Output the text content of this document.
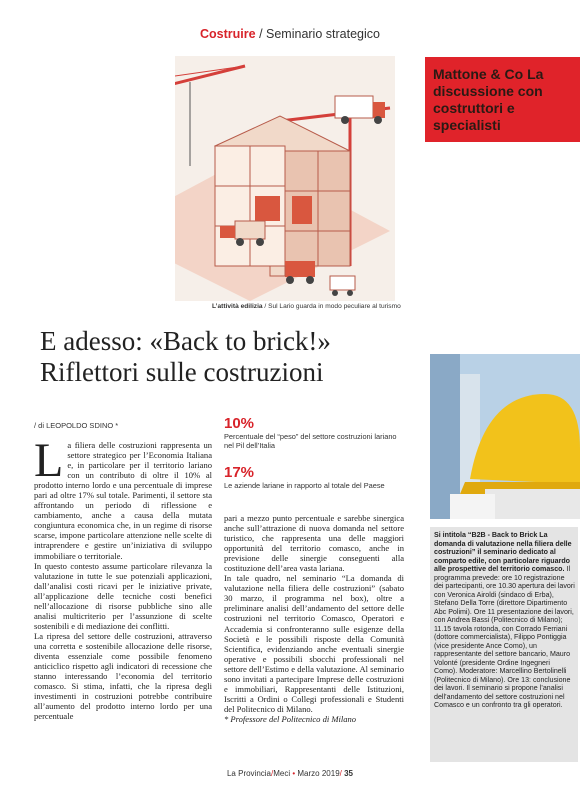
Costruire / Seminario strategico
L’attività edilizia / Sul Lario guarda in modo peculiare al turismo
Mattone & Co La discussione con costruttori e specialisti
Si intitola “B2B - Back to Brick La domanda di valutazione nella filiera delle costruzioni” il seminario dedicato al comparto edile, con particolare riguardo alle prospettive del territorio comasco. Il programma prevede: ore 10 registrazione dei partecipanti, ore 10.30 apertura dei lavori con Veronica Airoldi (sindaco di Erba), Stefano Della Torre (direttore Dipartimento Abc Polimi). Ore 11 presentazione dei lavori, con Andrea Bassi (Politecnico di Milano); 11.15 tavola rotonda, con Corrado Ferriani (dottore commercialista), Filippo Pontiggia (vice presidente Ance Como), un rappresentante del settore bancario, Mauro Volonté (presidente Ordine Ingegneri Como). Moderatore: Marcellino Bertolinelli (Politecnico di Milano). Ore 13: conclusione dei lavori. Il seminario si propone l’analisi dell’andamento del settore costruzioni nel Comasco e un confronto tra gli operatori.
E adesso: «Back to brick!»
Riflettori sulle costruzioni
/ di LEOPOLDO SDINO *	10%
Percentuale del “peso” del settore costruzioni lariano nel Pil dell’Italia
17%
Le aziende lariane in rapporto al totale del Paese

La filiera delle costruzioni rappresenta un settore strategico per l’Economia Italiana e, in particolare per il territorio lariano con un contributo di oltre il 10% al prodotto interno lordo e una percentuale di imprese pari ad oltre 17% sul totale. Parimenti, il settore sta affrontando un periodo di riflessione e cambiamento, anche a causa della mutata congiuntura economica che, in un regime di risorse scarse, impone particolare attenzione nelle scelte di intraprendere e gestire un’iniziativa di sviluppo immobiliare o territoriale.

In questo contesto assume particolare rilevanza la valutazione in tutte le sue potenziali applicazioni, dall’analisi costi ricavi per le iniziative private, all’applicazione delle tecniche costi benefici nell’allocazione di risorse pubbliche sino alle analisi multicriterio per l’assunzione di scelte sostenibili e di mediazione dei conflitti.

La ripresa del settore delle costruzioni, attraverso una corretta e sostenibile allocazione delle risorse, diventa essenziale come possibile fenomeno anticiclico rispetto agli indicatori di recessione che stanno interessando l’economia del territorio comasco. Si stima, infatti, che la ripresa degli investimenti in costruzioni potrebbe contribuire all’aumento del prodotto interno lordo per una percentuale

pari a mezzo punto percentuale e sarebbe sinergica anche sull’attrazione di nuova domanda nel settore turistico, che rappresenta una delle maggiori opportunità del territorio comasco, anche in previsione delle sinergie conseguenti alla costituzione dell’area vasta lariana.

In tale quadro, nel seminario “La domanda di valutazione nella filiera delle costruzioni” (sabato 30 marzo, il programma nel box), oltre a preliminare analisi dell’andamento del settore delle costruzioni nel territorio Comasco, Operatori e Accademia si confronteranno sulle esigenze della Società e le possibili risposte della Comunità Scientifica, evidenziando anche eventuali sinergie operative e possibili sbocchi professionali nel settore dell’Estimo e della valutazione. Al seminario sono invitati a partecipare Imprese delle costruzioni e immobiliari, Rappresentanti delle Istituzioni, Iscritti a Ordini o Collegi professionali e Studenti del Politecnico di Milano.

* Professore del Politecnico di Milano

La Provincia/Meci • Marzo 2019/ 35
